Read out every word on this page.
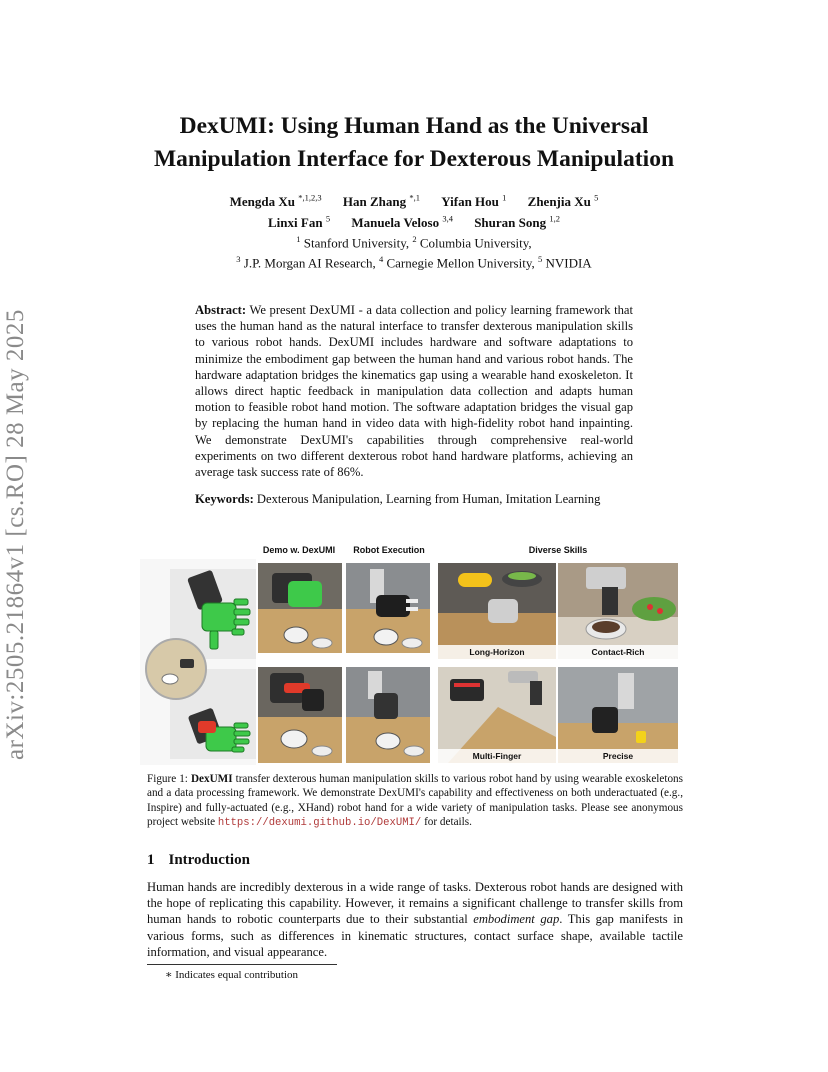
arXiv:2505.21864v1 [cs.RO] 28 May 2025
DexUMI: Using Human Hand as the Universal
Manipulation Interface for Dexterous Manipulation
Mengda Xu $^{*,1,2,3}$ Han Zhang $^{*,1}$ Yifan Hou $^1$ Zhenjia Xu $^5$
Linxi Fan $^5$ Manuela Veloso $^{3,4}$ Shuran Song $^{1,2}$
$^1$ Stanford University, $^2$ Columbia University,
$^3$ J.P. Morgan AI Research, $^4$ Carnegie Mellon University, $^5$ NVIDIA
Abstract: We present DexUMI - a data collection and policy learning framework that uses the human hand as the natural interface to transfer dexterous manipulation skills to various robot hands. DexUMI includes hardware and software adaptations to minimize the embodiment gap between the human hand and various robot hands. The hardware adaptation bridges the kinematics gap using a wearable hand exoskeleton. It allows direct haptic feedback in manipulation data collection and adapts human motion to feasible robot hand motion. The software adaptation bridges the visual gap by replacing the human hand in video data with high-fidelity robot hand inpainting. We demonstrate DexUMI's capabilities through comprehensive real-world experiments on two different dexterous robot hand hardware platforms, achieving an average task success rate of 86%.
Keywords: Dexterous Manipulation, Learning from Human, Imitation Learning
Demo w. DexUMI	Robot Execution	Diverse Skills
Long-Horizon	Contact-Rich
Multi-Finger	Precise
Figure 1: DexUMI transfer dexterous human manipulation skills to various robot hand by using wearable exoskeletons and a data processing framework. We demonstrate DexUMI's capability and effectiveness on both underactuated (e.g., Inspire) and fully-actuated (e.g., XHand) robot hand for a wide variety of manipulation tasks. Please see anonymous project website https://dexumi.github.io/DexUMI/ for details.
1 Introduction
Human hands are incredibly dexterous in a wide range of tasks. Dexterous robot hands are designed with the hope of replicating this capability. However, it remains a significant challenge to transfer skills from human hands to robotic counterparts due to their substantial embodiment gap. This gap manifests in various forms, such as differences in kinematic structures, contact surface shape, available tactile information, and visual appearance.
∗ Indicates equal contribution
